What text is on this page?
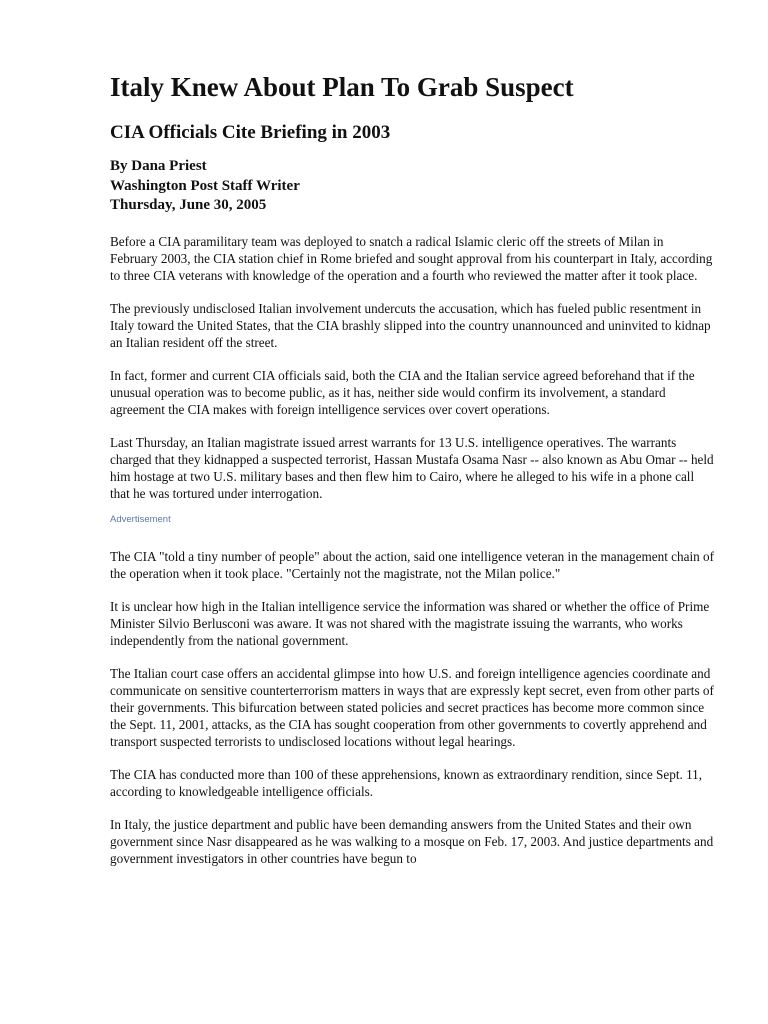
Italy Knew About Plan To Grab Suspect
CIA Officials Cite Briefing in 2003
By Dana Priest
Washington Post Staff Writer
Thursday, June 30, 2005

Before a CIA paramilitary team was deployed to snatch a radical Islamic cleric off the streets of Milan in February 2003, the CIA station chief in Rome briefed and sought approval from his counterpart in Italy, according to three CIA veterans with knowledge of the operation and a fourth who reviewed the matter after it took place.

The previously undisclosed Italian involvement undercuts the accusation, which has fueled public resentment in Italy toward the United States, that the CIA brashly slipped into the country unannounced and uninvited to kidnap an Italian resident off the street.

In fact, former and current CIA officials said, both the CIA and the Italian service agreed beforehand that if the unusual operation was to become public, as it has, neither side would confirm its involvement, a standard agreement the CIA makes with foreign intelligence services over covert operations.

Last Thursday, an Italian magistrate issued arrest warrants for 13 U.S. intelligence operatives. The warrants charged that they kidnapped a suspected terrorist, Hassan Mustafa Osama Nasr -- also known as Abu Omar -- held him hostage at two U.S. military bases and then flew him to Cairo, where he alleged to his wife in a phone call that he was tortured under interrogation.

Advertisement

The CIA "told a tiny number of people" about the action, said one intelligence veteran in the management chain of the operation when it took place. "Certainly not the magistrate, not the Milan police."

It is unclear how high in the Italian intelligence service the information was shared or whether the office of Prime Minister Silvio Berlusconi was aware. It was not shared with the magistrate issuing the warrants, who works independently from the national government.

The Italian court case offers an accidental glimpse into how U.S. and foreign intelligence agencies coordinate and communicate on sensitive counterterrorism matters in ways that are expressly kept secret, even from other parts of their governments. This bifurcation between stated policies and secret practices has become more common since the Sept. 11, 2001, attacks, as the CIA has sought cooperation from other governments to covertly apprehend and transport suspected terrorists to undisclosed locations without legal hearings.

The CIA has conducted more than 100 of these apprehensions, known as extraordinary rendition, since Sept. 11, according to knowledgeable intelligence officials.

In Italy, the justice department and public have been demanding answers from the United States and their own government since Nasr disappeared as he was walking to a mosque on Feb. 17, 2003. And justice departments and government investigators in other countries have begun to
